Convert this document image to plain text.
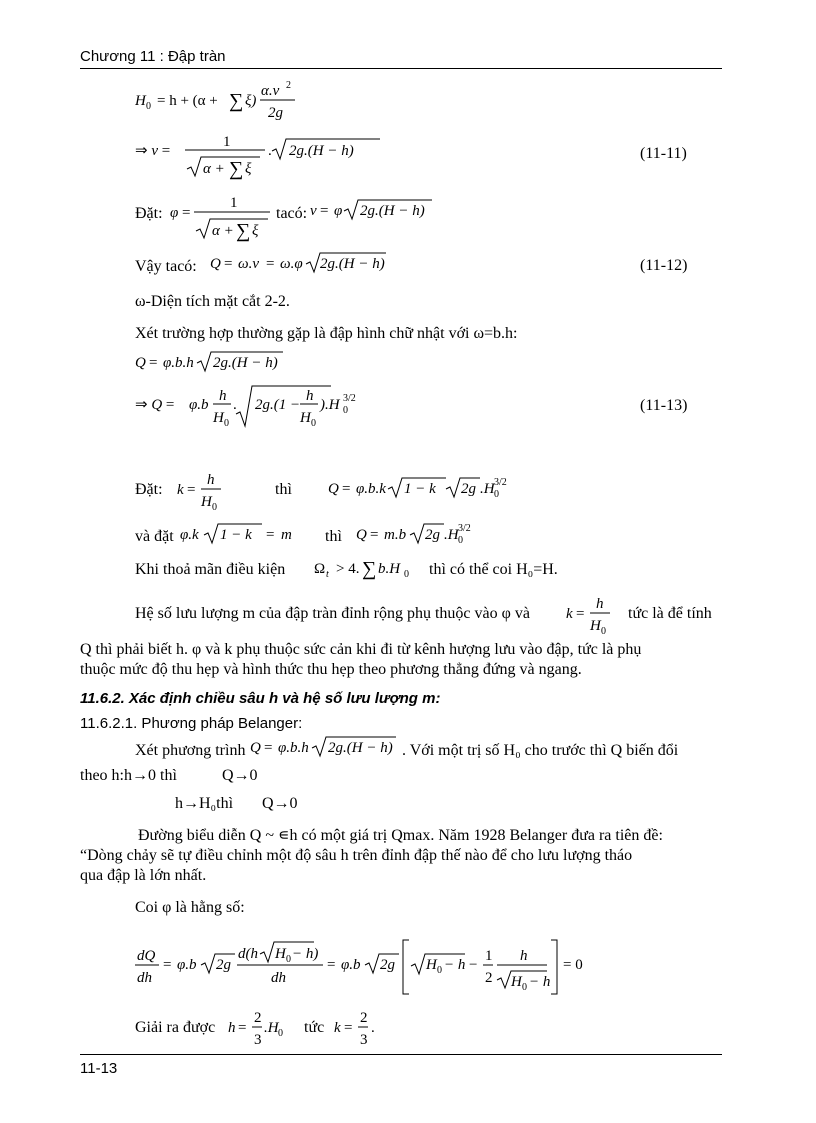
Chương 11 : Đập tràn
H 0 = h + (α + ∑ ξ)
α.v 2
2g
⇒ v =
1
α + ∑ ξ
. 2g.(H − h)	(11-11)
Đặt: φ =
1
α + ∑ ξ
tacó: v = φ 2g.(H − h)
Vậy tacó: Q = ω.v = ω.φ 2g.(H − h)	(11-12)
ω-Diện tích mặt cắt 2-2.
Xét trường hợp thường gặp là đập hình chữ nhật với ω=b.h:
Q = φ.b.h 2g.(H − h)
⇒ Q = φ.b
h
H 0
. 2g.(1 −
h
H 0
).H 0
3/2	(11-13)
Đặt: k =
h
H 0
thì Q = φ.b.k 1 − k 2g .H 0
3/2
và đặt φ.k 1 − k = m thì Q = m.b 2g .H 0
3/2
Khi thoả mãn điều kiện Ω t > 4. ∑ b.H 0 thì có thể coi H₀=H.
Hệ số lưu lượng m của đập tràn đỉnh rộng phụ thuộc vào φ và k =
h
H 0
tức là để tính
Q thì phải biết h. φ và k phụ thuộc sức cản khi đi từ kênh hượng lưu vào đập, tức là phụ
thuộc mức độ thu hẹp và hình thức thu hẹp theo phương thẳng đứng và ngang.
11.6.2. Xác định chiều sâu h và hệ số lưu lượng m:
11.6.2.1. Phương pháp Belanger:
Xét phương trình Q = φ.b.h 2g.(H − h) . Với một trị số H₀ cho trước thì Q biến đổi
theo h:h→0 thì	Q→0
h→H₀thì Q→0
Đường biểu diễn Q ~ ∊h có một giá trị Qmax. Năm 1928 Belanger đưa ra tiên đề:
“Dòng chảy sẽ tự điều chỉnh một độ sâu h trên đỉnh đập thế nào để cho lưu lượng tháo
qua đập là lớn nhất.
Coi φ là hằng số:
dQ
dh
= φ.b 2g
d(h H 0 − h)
dh
= φ.b 2g H 0 − h −
1
2
h
H 0 − h
= 0
Giải ra được h =
2
3
.H 0 tức k =
2
3
.
11-13
